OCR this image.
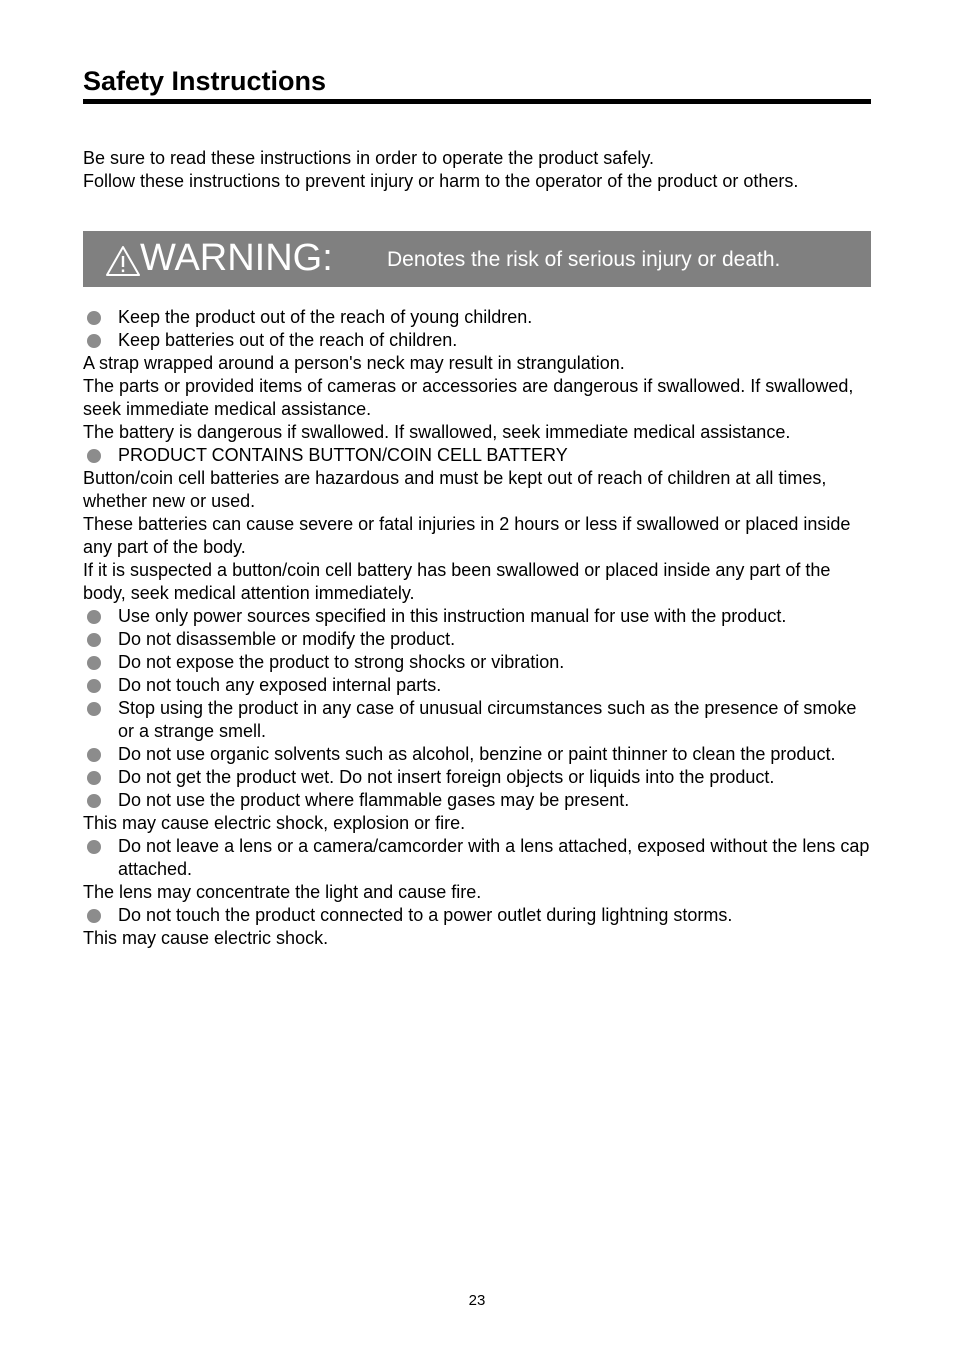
Safety Instructions
Be sure to read these instructions in order to operate the product safely.
Follow these instructions to prevent injury or harm to the operator of the product or others.
WARNING:	Denotes the risk of serious injury or death.
Keep the product out of the reach of young children.
Keep batteries out of the reach of children.
A strap wrapped around a person's neck may result in strangulation.
The parts or provided items of cameras or accessories are dangerous if swallowed. If swallowed, seek immediate medical assistance.
The battery is dangerous if swallowed. If swallowed, seek immediate medical assistance.
PRODUCT CONTAINS BUTTON/COIN CELL BATTERY
Button/coin cell batteries are hazardous and must be kept out of reach of children at all times, whether new or used.
These batteries can cause severe or fatal injuries in 2 hours or less if swallowed or placed inside any part of the body.
If it is suspected a button/coin cell battery has been swallowed or placed inside any part of the body, seek medical attention immediately.
Use only power sources specified in this instruction manual for use with the product.
Do not disassemble or modify the product.
Do not expose the product to strong shocks or vibration.
Do not touch any exposed internal parts.
Stop using the product in any case of unusual circumstances such as the presence of smoke or a strange smell.
Do not use organic solvents such as alcohol, benzine or paint thinner to clean the product.
Do not get the product wet. Do not insert foreign objects or liquids into the product.
Do not use the product where flammable gases may be present.
This may cause electric shock, explosion or fire.
Do not leave a lens or a camera/camcorder with a lens attached, exposed without the lens cap attached.
The lens may concentrate the light and cause fire.
Do not touch the product connected to a power outlet during lightning storms.
This may cause electric shock.
23
